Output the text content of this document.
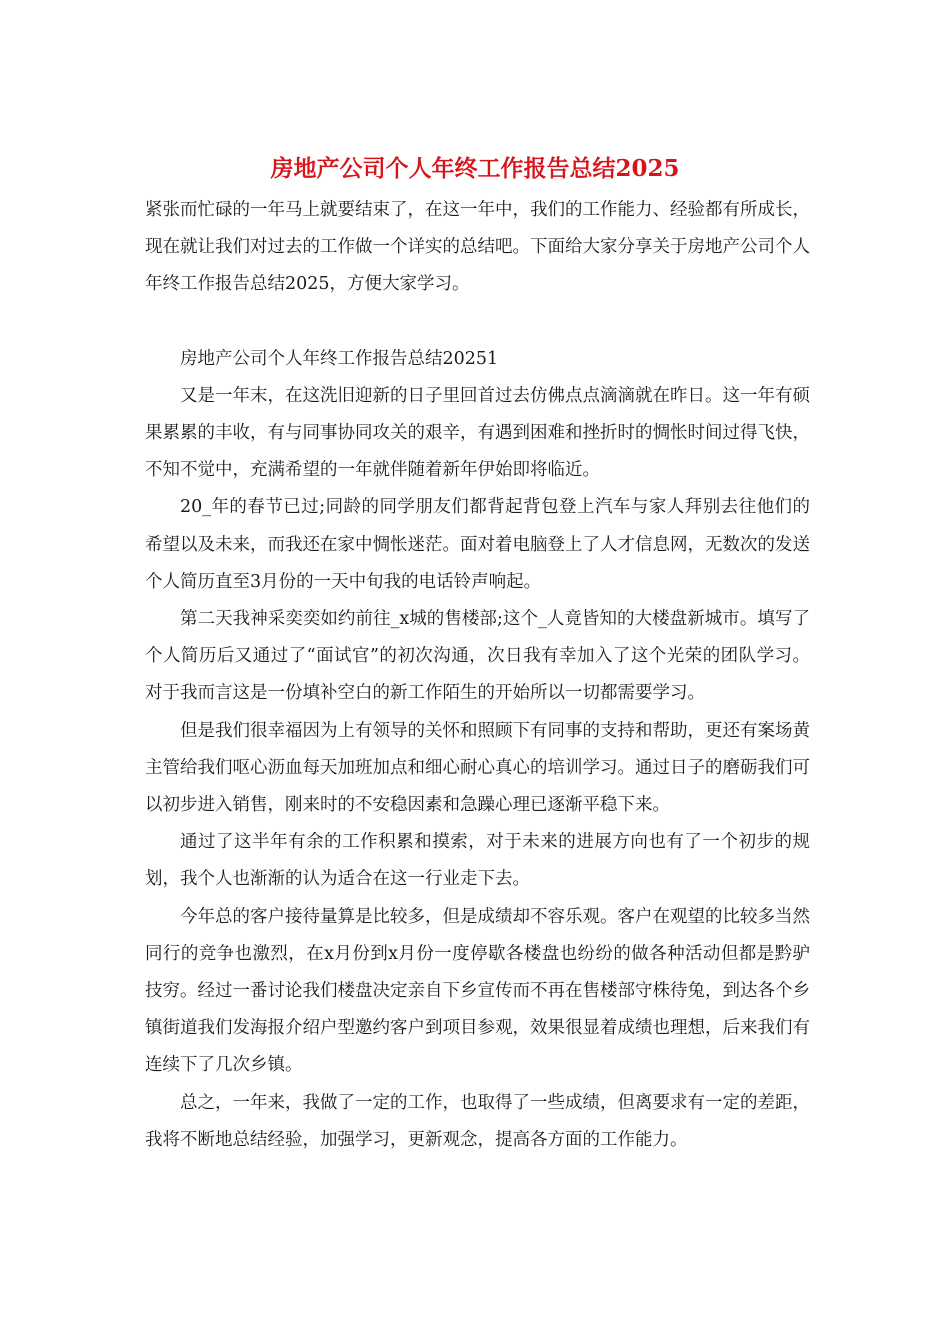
房地产公司个人年终工作报告总结2025

紧张而忙碌的一年马上就要结束了，在这一年中，我们的工作能力、经验都有所成长，现在就让我们对过去的工作做一个详实的总结吧。下面给大家分享关于房地产公司个人年终工作报告总结2025，方便大家学习。

房地产公司个人年终工作报告总结20251

又是一年末，在这洗旧迎新的日子里回首过去仿佛点点滴滴就在昨日。这一年有硕果累累的丰收，有与同事协同攻关的艰辛，有遇到困难和挫折时的惆怅时间过得飞快，不知不觉中，充满希望的一年就伴随着新年伊始即将临近。

20_年的春节已过;同龄的同学朋友们都背起背包登上汽车与家人拜别去往他们的希望以及未来，而我还在家中惆怅迷茫。面对着电脑登上了人才信息网，无数次的发送个人简历直至3月份的一天中旬我的电话铃声响起。

第二天我神采奕奕如约前往_x城的售楼部;这个_人竟皆知的大楼盘新城市。填写了个人简历后又通过了“面试官”的初次沟通，次日我有幸加入了这个光荣的团队学习。对于我而言这是一份填补空白的新工作陌生的开始所以一切都需要学习。

但是我们很幸福因为上有领导的关怀和照顾下有同事的支持和帮助，更还有案场黄主管给我们呕心沥血每天加班加点和细心耐心真心的培训学习。通过日子的磨砺我们可以初步进入销售，刚来时的不安稳因素和急躁心理已逐渐平稳下来。

通过了这半年有余的工作积累和摸索，对于未来的进展方向也有了一个初步的规划，我个人也渐渐的认为适合在这一行业走下去。

今年总的客户接待量算是比较多，但是成绩却不容乐观。客户在观望的比较多当然同行的竞争也激烈，在x月份到x月份一度停歇各楼盘也纷纷的做各种活动但都是黔驴技穷。经过一番讨论我们楼盘决定亲自下乡宣传而不再在售楼部守株待兔，到达各个乡镇街道我们发海报介绍户型邀约客户到项目参观，效果很显着成绩也理想，后来我们有连续下了几次乡镇。

总之，一年来，我做了一定的工作，也取得了一些成绩，但离要求有一定的差距，我将不断地总结经验，加强学习，更新观念，提高各方面的工作能力。
